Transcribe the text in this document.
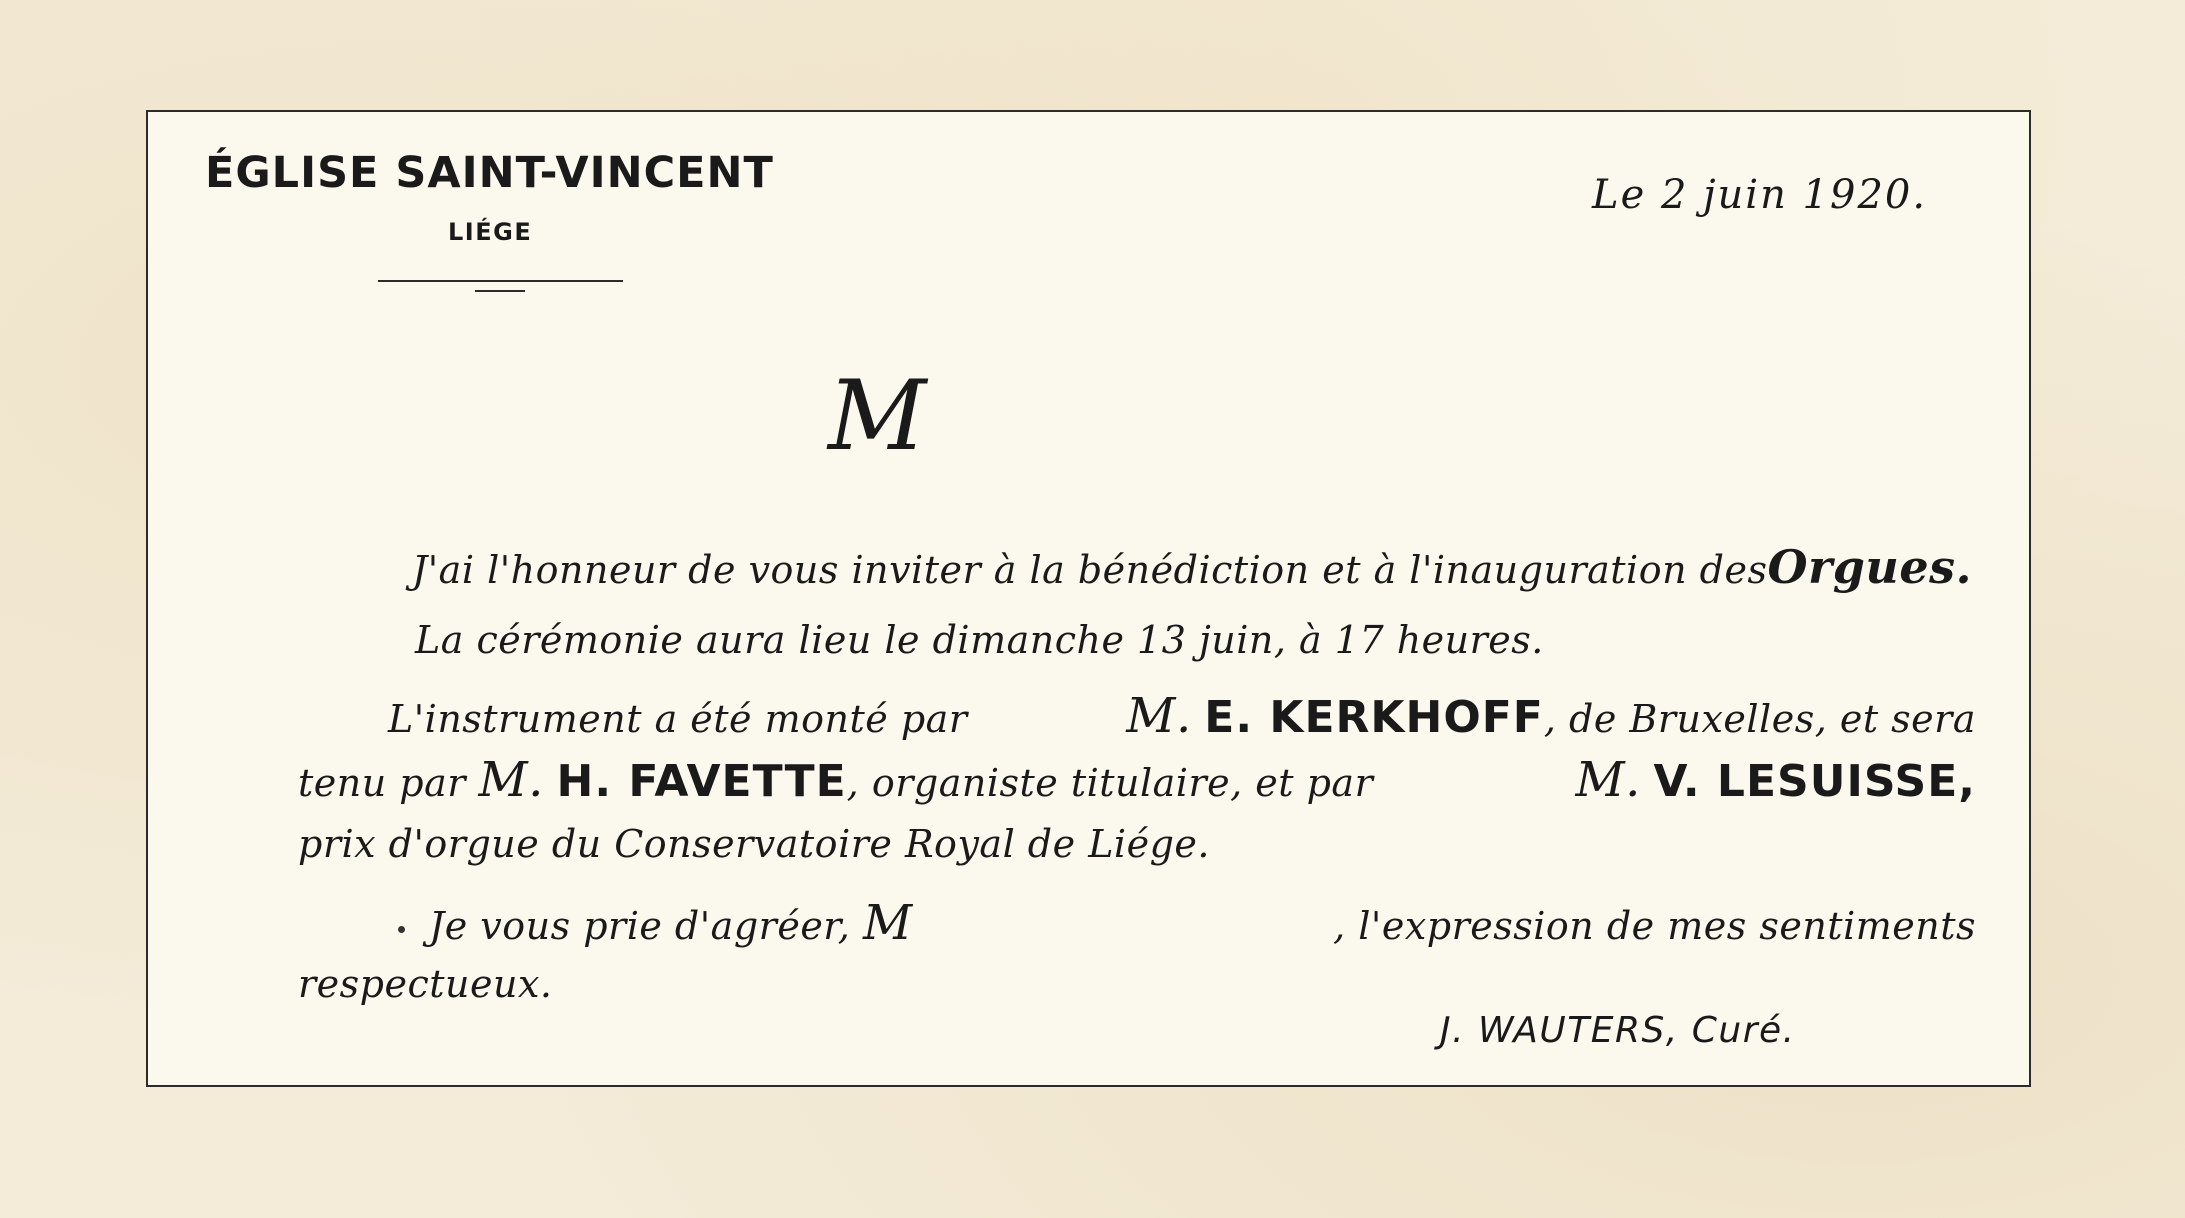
ÉGLISE SAINT-VINCENT
LIÉGE
Le 2 juin 1920.
M
J'ai l'honneur de vous inviter à la bénédiction et à l'inauguration des Orgues.
La cérémonie aura lieu le dimanche 13 juin, à 17 heures.
L'instrument a été monté par	M. E. KERKHOFF, de Bruxelles, et sera
tenu par M. H. FAVETTE, organiste titulaire, et par	M. V. LESUISSE,
prix d'orgue du Conservatoire Royal de Liége.
Je vous prie d'agréer, M	, l'expression de mes sentiments
respectueux.
J. WAUTERS, Curé.
